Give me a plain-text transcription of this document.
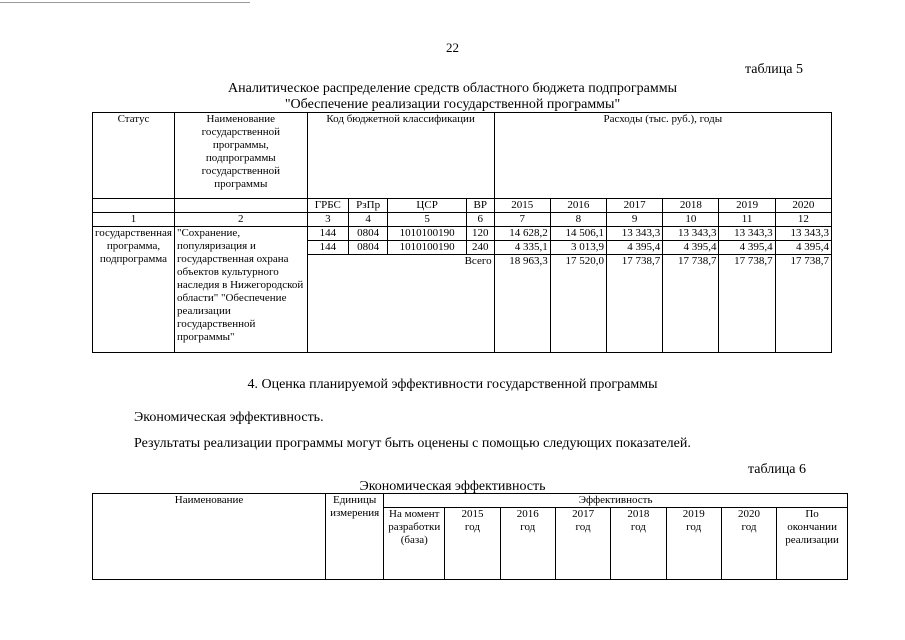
22
таблица 5
Аналитическое распределение средств областного бюджета подпрограммы
"Обеспечение реализации государственной программы"
Статус	Наименование государственной программы, подпрограммы государственной программы	Код бюджетной классификации				Расходы (тыс. руб.), годы					
		ГРБС	РзПр	ЦСР	ВР	2015	2016	2017	2018	2019	2020
1	2	3	4	5	6	7	8	9	10	11	12
государственная программа, подпрограмма	"Сохранение, популяризация и государственная охрана объектов культурного наследия в Нижегородской области" "Обеспечение реализации государственной программы"	144	0804	1010100190	120	14 628,2	14 506,1	13 343,3	13 343,3	13 343,3	13 343,3
		144	0804	1010100190	240	4 335,1	3 013,9	4 395,4	4 395,4	4 395,4	4 395,4
		Всего				18 963,3	17 520,0	17 738,7	17 738,7	17 738,7	17 738,7

4. Оценка планируемой эффективности государственной программы
Экономическая эффективность.
Результаты реализации программы могут быть оценены с помощью следующих показателей.
таблица 6
Экономическая эффективность
Наименование	Единицы измерения	Эффективность							
		На момент разработки (база)	2015 год	2016 год	2017 год	2018 год	2019 год	2020 год	По окончании реализации
